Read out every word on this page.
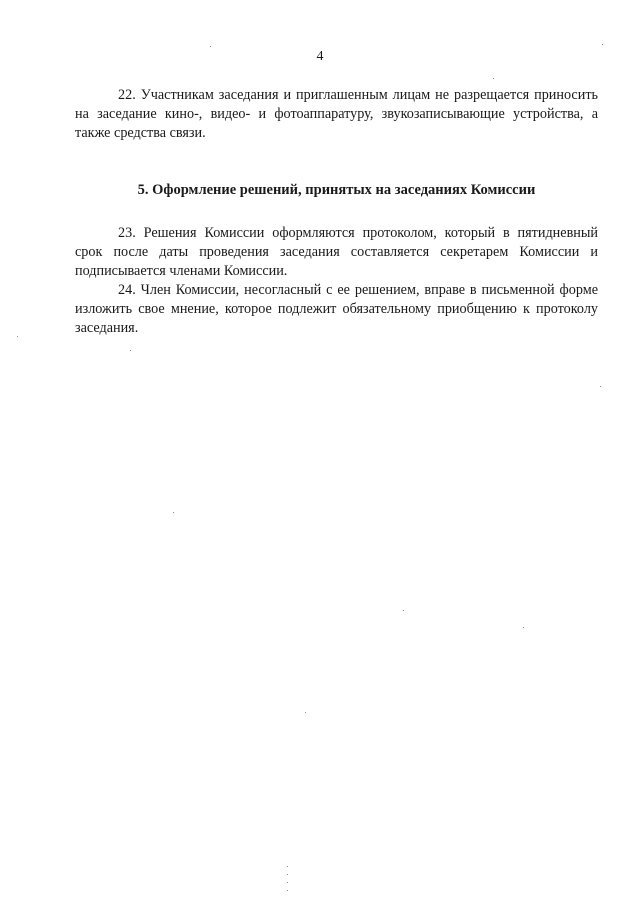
4

22. Участникам заседания и приглашенным лицам не разрещается приносить на заседание кино-, видео- и фотоаппаратуру, звукозаписывающие устройства, а также средства связи.

5. Оформление решений, принятых на заседаниях Комиссии

23. Решения Комиссии оформляются протоколом, который в пятидневный срок после даты проведения заседания составляется секретарем Комиссии и подписывается членами Комиссии.

24. Член Комиссии, несогласный с ее решением, вправе в письменной форме изложить свое мнение, которое подлежит обязательному приобщению к протоколу заседания.
